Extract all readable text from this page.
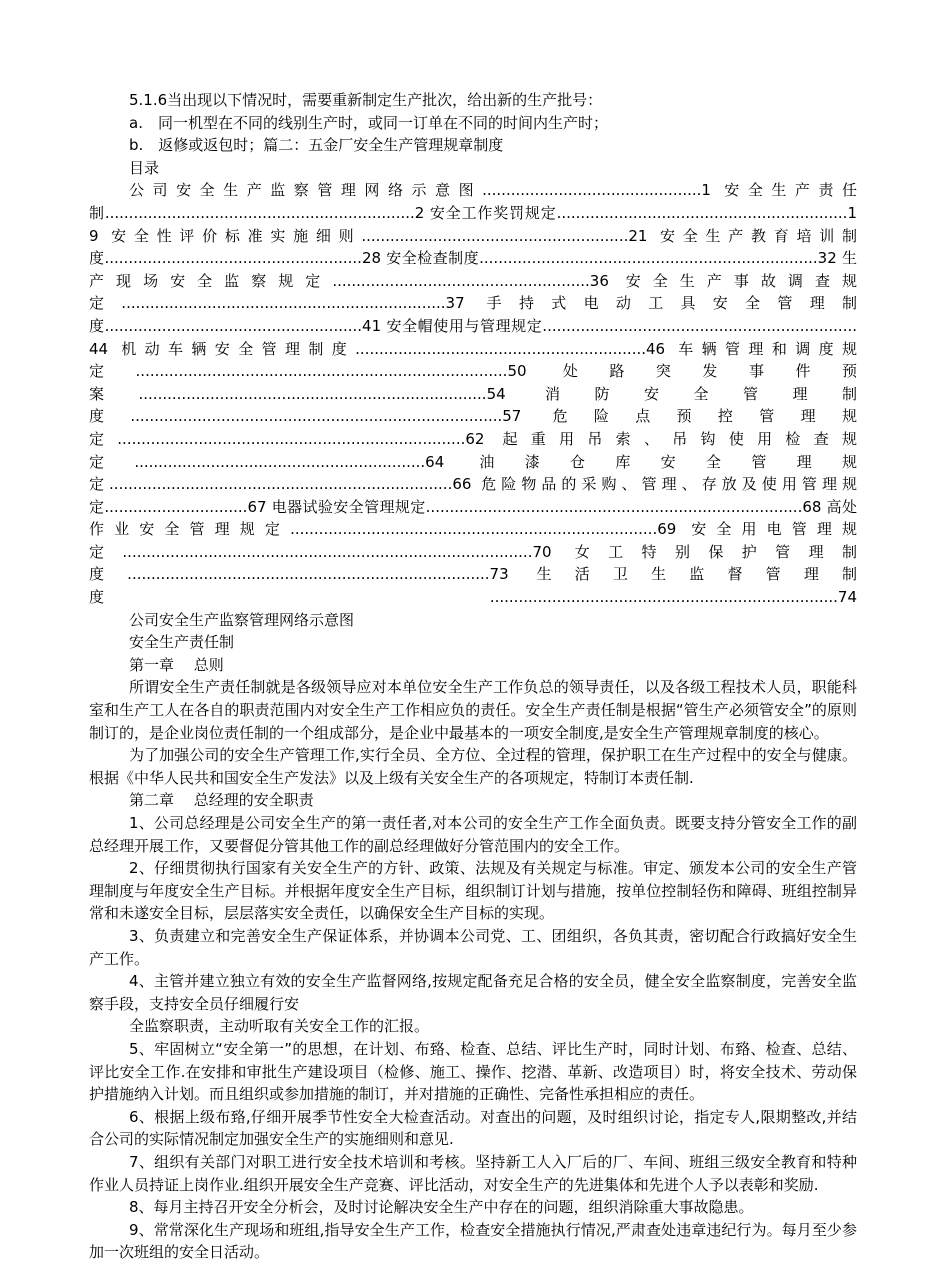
5.1.6当出现以下情况时，需要重新制定生产批次，给出新的生产批号：

a.　同一机型在不同的线别生产时，或同一订单在不同的时间内生产时；

b.　返修或返包时；篇二：五金厂安全生产管理规章制度

目录

公司安全生产监察管理网络示意图..............................................1 安全生产责任制.................................................................2 安全工作奖罚规定.............................................................19 安全性评价标准实施细则........................................................21 安全生产教育培训制度......................................................28 安全检查制度.......................................................................32 生产现场安全监察规定......................................................36 安全生产事故调查规定....................................................................37 手持式电动工具安全管理制度......................................................41 安全帽使用与管理规定..................................................................44 机动车辆安全管理制度.............................................................46 车辆管理和调度规定..............................................................................50 处路突发事件预案.........................................................................54 消防安全管理制度..............................................................................57 危险点预控管理规定.........................................................................62 起重用吊索、吊钩使用检查规定.............................................................64 油漆仓库安全管理规定........................................................................66 危险物品的采购、管理、存放及使用管理规定..............................67 电器试验安全管理规定...............................................................................68 高处作业安全管理规定.............................................................................69 安全用电管理规定......................................................................................70 女工特别保护管理制度............................................................................73 生活卫生监督管理制度.........................................................................74

公司安全生产监察管理网络示意图

安全生产责任制

第一章　 总则

所谓安全生产责任制就是各级领导应对本单位安全生产工作负总的领导责任，以及各级工程技术人员，职能科室和生产工人在各自的职责范围内对安全生产工作相应负的责任。安全生产责任制是根据“管生产必须管安全”的原则制订的，是企业岗位责任制的一个组成部分，是企业中最基本的一项安全制度,是安全生产管理规章制度的核心。

为了加强公司的安全生产管理工作,实行全员、全方位、全过程的管理，保护职工在生产过程中的安全与健康。根据《中华人民共和国安全生产发法》以及上级有关安全生产的各项规定，特制订本责任制.

第二章　 总经理的安全职责

1、公司总经理是公司安全生产的第一责任者,对本公司的安全生产工作全面负责。既要支持分管安全工作的副总经理开展工作，又要督促分管其他工作的副总经理做好分管范围内的安全工作。

2、仔细贯彻执行国家有关安全生产的方针、政策、法规及有关规定与标准。审定、颁发本公司的安全生产管理制度与年度安全生产目标。并根据年度安全生产目标，组织制订计划与措施，按单位控制轻伤和障碍、班组控制异常和未遂安全目标，层层落实安全责任，以确保安全生产目标的实现。

3、负责建立和完善安全生产保证体系，并协调本公司党、工、团组织，各负其责，密切配合行政搞好安全生产工作。

4、主管并建立独立有效的安全生产监督网络,按规定配备充足合格的安全员，健全安全监察制度，完善安全监察手段，支持安全员仔细履行安

全监察职责，主动听取有关安全工作的汇报。

5、牢固树立“安全第一”的思想，在计划、布臵、检查、总结、评比生产时，同时计划、布臵、检查、总结、评比安全工作.在安排和审批生产建设项目（检修、施工、操作、挖潜、革新、改造项目）时，将安全技术、劳动保护措施纳入计划。而且组织或参加措施的制订，并对措施的正确性、完备性承担相应的责任。

6、根据上级布臵,仔细开展季节性安全大检查活动。对查出的问题，及时组织讨论，指定专人,限期整改,并结合公司的实际情况制定加强安全生产的实施细则和意见.

7、组织有关部门对职工进行安全技术培训和考核。坚持新工人入厂后的厂、车间、班组三级安全教育和特种作业人员持证上岗作业.组织开展安全生产竞赛、评比活动，对安全生产的先进集体和先进个人予以表彰和奖励.

8、每月主持召开安全分析会，及时讨论解决安全生产中存在的问题，组织消除重大事故隐患。

9、常常深化生产现场和班组,指导安全生产工作，检查安全措施执行情况,严肃查处违章违纪行为。每月至少参加一次班组的安全日活动。
